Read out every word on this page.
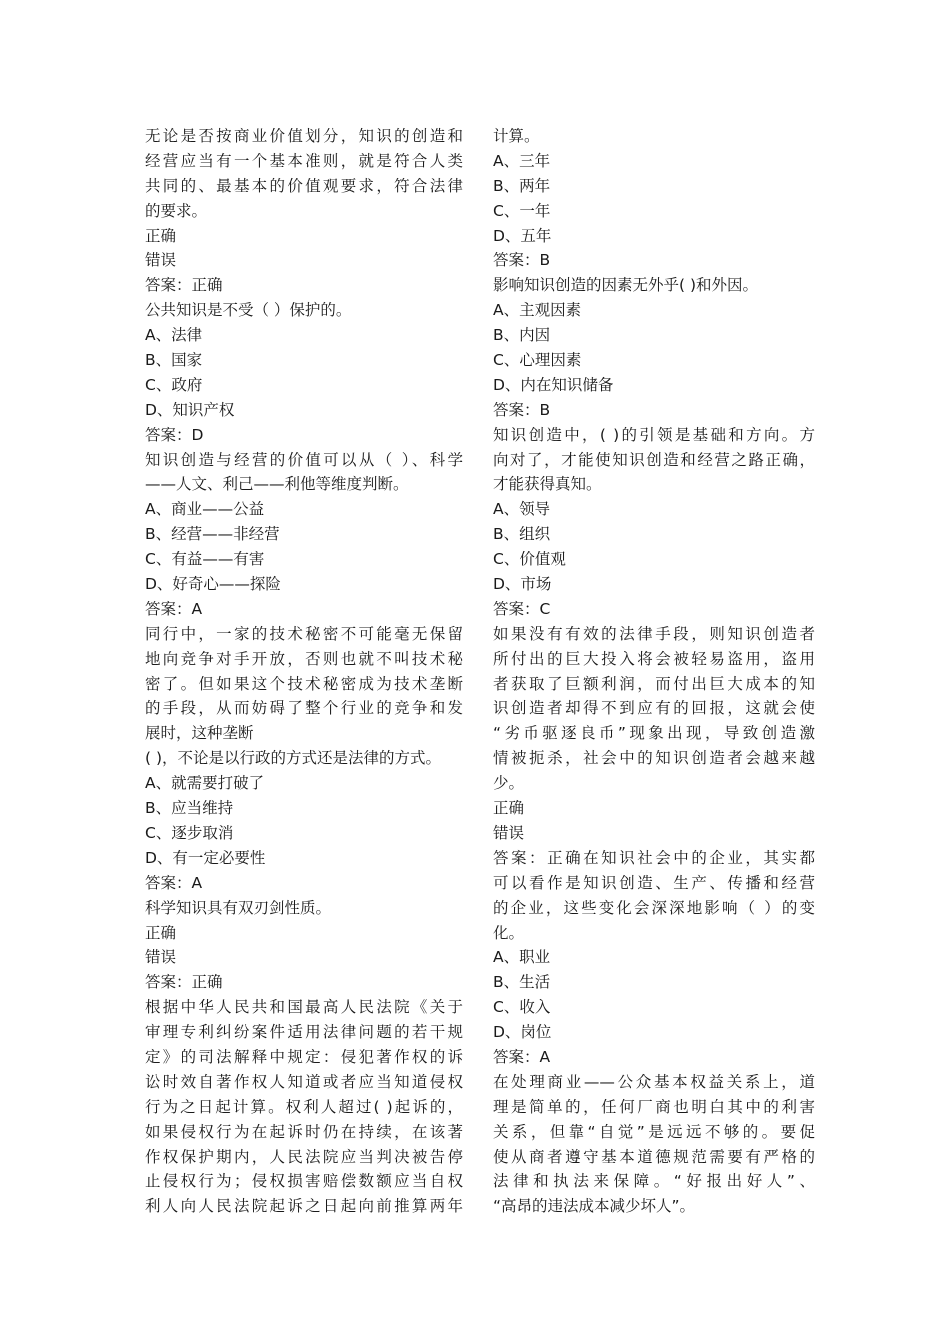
无论是否按商业价值划分，知识的创造和
经营应当有一个基本准则，就是符合人类
共同的、最基本的价值观要求，符合法律
的要求。
正确
错误
答案：正确
公共知识是不受（ ）保护的。
A、法律
B、国家
C、政府
D、知识产权
答案：D
知识创造与经营的价值可以从（ ）、科学
——人文、利己——利他等维度判断。
A、商业——公益
B、经营——非经营
C、有益——有害
D、好奇心——探险
答案：A
同行中，一家的技术秘密不可能毫无保留
地向竞争对手开放，否则也就不叫技术秘
密了。但如果这个技术秘密成为技术垄断
的手段，从而妨碍了整个行业的竞争和发
展时，这种垄断
( )，不论是以行政的方式还是法律的方式。
A、就需要打破了
B、应当维持
C、逐步取消
D、有一定必要性
答案：A
科学知识具有双刃剑性质。
正确
错误
答案：正确
根据中华人民共和国最高人民法院《关于
审理专利纠纷案件适用法律问题的若干规
定》的司法解释中规定：侵犯著作权的诉
讼时效自著作权人知道或者应当知道侵权
行为之日起计算。权利人超过( )起诉的，
如果侵权行为在起诉时仍在持续，在该著
作权保护期内，人民法院应当判决被告停
止侵权行为；侵权损害赔偿数额应当自权
利人向人民法院起诉之日起向前推算两年
计算。
A、三年
B、两年
C、一年
D、五年
答案：B
影响知识创造的因素无外乎( )和外因。
A、主观因素
B、内因
C、心理因素
D、内在知识储备
答案：B
知识创造中，( )的引领是基础和方向。方
向对了，才能使知识创造和经营之路正确，
才能获得真知。
A、领导
B、组织
C、价值观
D、市场
答案：C
如果没有有效的法律手段，则知识创造者
所付出的巨大投入将会被轻易盗用，盗用
者获取了巨额利润，而付出巨大成本的知
识创造者却得不到应有的回报，这就会使
“劣币驱逐良币”现象出现，导致创造激
情被扼杀，社会中的知识创造者会越来越
少。
正确
错误
答案：正确在知识社会中的企业，其实都
可以看作是知识创造、生产、传播和经营
的企业，这些变化会深深地影响（ ）的变
化。
A、职业
B、生活
C、收入
D、岗位
答案：A
在处理商业——公众基本权益关系上，道
理是简单的，任何厂商也明白其中的利害
关系，但靠“自觉”是远远不够的。要促
使从商者遵守基本道德规范需要有严格的
法律和执法来保障。“好报出好人”、
“高昂的违法成本减少坏人”。
